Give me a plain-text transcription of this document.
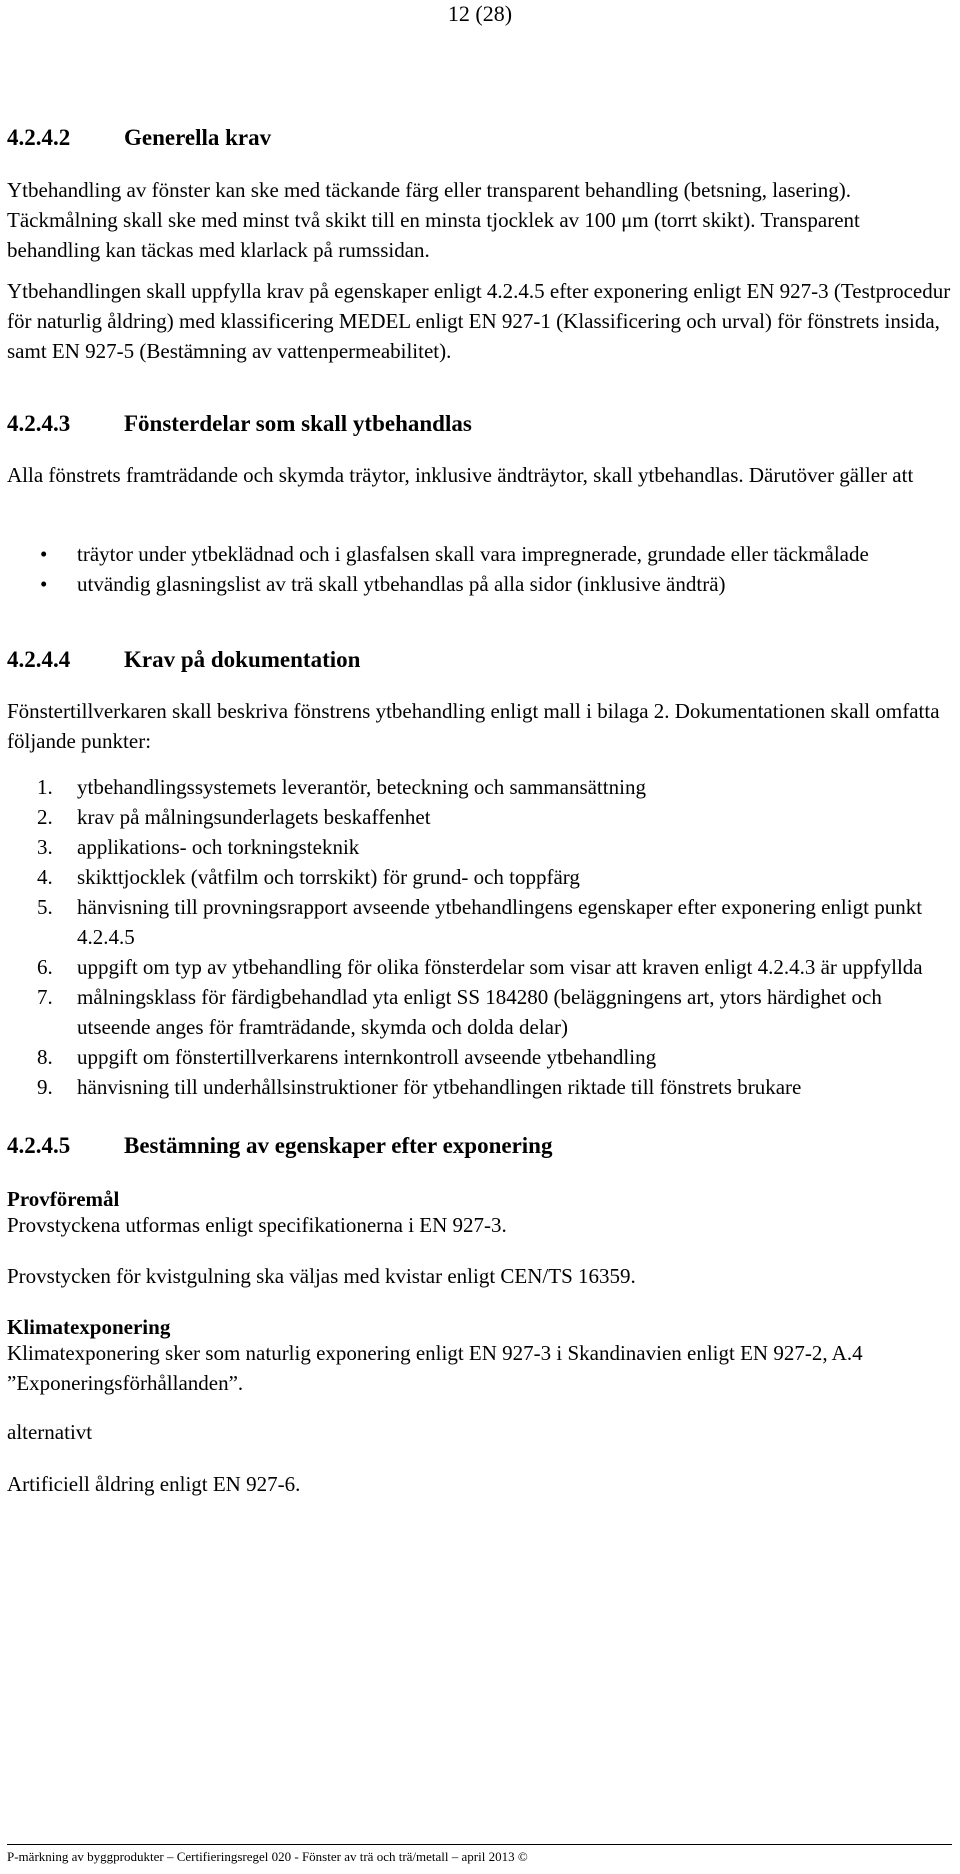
12 (28)
4.2.4.2 Generella krav

Ytbehandling av fönster kan ske med täckande färg eller transparent behandling (betsning, lasering). Täckmålning skall ske med minst två skikt till en minsta tjocklek av 100 μm (torrt skikt). Transparent behandling kan täckas med klarlack på rumssidan.

Ytbehandlingen skall uppfylla krav på egenskaper enligt 4.2.4.5 efter exponering enligt EN 927-3 (Testprocedur för naturlig åldring) med klassificering MEDEL enligt EN 927-1 (Klassificering och urval) för fönstrets insida, samt EN 927-5 (Bestämning av vattenpermeabilitet).

4.2.4.3 Fönsterdelar som skall ytbehandlas

Alla fönstrets framträdande och skymda träytor, inklusive ändträytor, skall ytbehandlas. Därutöver gäller att

• träytor under ytbeklädnad och i glasfalsen skall vara impregnerade, grundade eller täckmålade
• utvändig glasningslist av trä skall ytbehandlas på alla sidor (inklusive ändträ)
4.2.4.4 Krav på dokumentation

Fönstertillverkaren skall beskriva fönstrens ytbehandling enligt mall i bilaga 2. Dokumentationen skall omfatta följande punkter:

1. ytbehandlingssystemets leverantör, beteckning och sammansättning
2. krav på målningsunderlagets beskaffenhet
3. applikations- och torkningsteknik
4. skikttjocklek (våtfilm och torrskikt) för grund- och toppfärg
5. hänvisning till provningsrapport avseende ytbehandlingens egenskaper efter exponering enligt punkt 4.2.4.5
6. uppgift om typ av ytbehandling för olika fönsterdelar som visar att kraven enligt 4.2.4.3 är uppfyllda
7. målningsklass för färdigbehandlad yta enligt SS 184280 (beläggningens art, ytors härdighet och utseende anges för framträdande, skymda och dolda delar)
8. uppgift om fönstertillverkarens internkontroll avseende ytbehandling
9. hänvisning till underhållsinstruktioner för ytbehandlingen riktade till fönstrets brukare
4.2.4.5 Bestämning av egenskaper efter exponering

Provföremål

Provstyckena utformas enligt specifikationerna i EN 927-3.

Provstycken för kvistgulning ska väljas med kvistar enligt CEN/TS 16359.

Klimatexponering

Klimatexponering sker som naturlig exponering enligt EN 927-3 i Skandinavien enligt EN 927-2, A.4 ”Exponeringsförhållanden”.

alternativt

Artificiell åldring enligt EN 927-6.

P-märkning av byggprodukter – Certifieringsregel 020 - Fönster av trä och trä/metall – april 2013 ©
